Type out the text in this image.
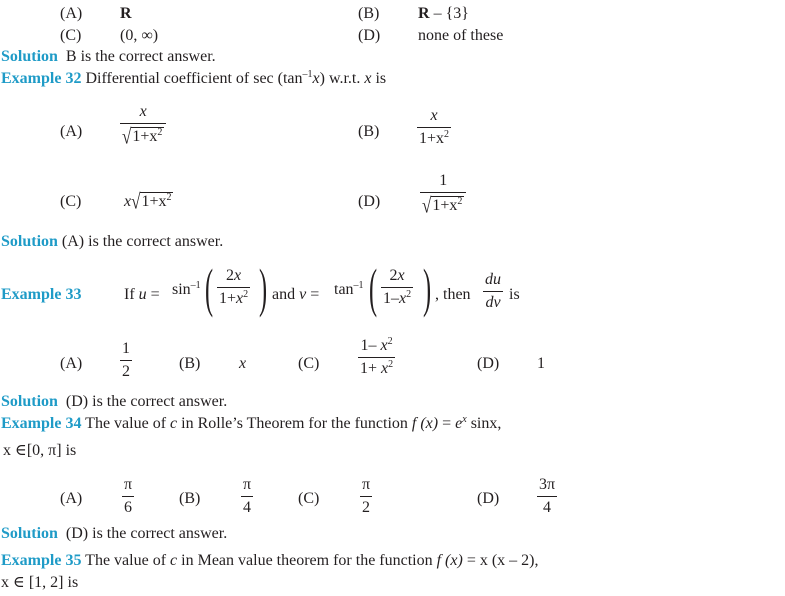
(A) R	(B) R – {3}
(C) (0, ∞)	(D) none of these
Solution B is the correct answer.
Example 32 Differential coefficient of $\sec (\tan^{-1}x)$ w.r.t. x is
$(A) \frac{x}{√1+x^2}$	$(B) \frac{x}{1+x^2}$
(C)	$x√1+x^2$	$(D) \frac{1}{√1+x^2}$
Solution (A) is the correct answer.
Example 33	If $u = \sin^{-1}$ ( $\frac{2x}{1+x^2}$ ) and $v = \tan^{-1}$ ( $\frac{2x}{1-x^2}$ ) , then $\frac{du}{dv}$ is
$(A) \frac{1}{2}$	(B) x	$(C) \frac{1- x^2}{1+ x^2}$	(D) 1
Solution (D) is the correct answer.
Example 34 The value of c in Rolle’s Theorem for the function f $(x) = e^x$ sinx,
x ∈[0, π] is
$(A) \frac{\pi}{6}$	(B)	$\frac{\pi}{4}$	(C)	$\frac{\pi}{2}$	$(D) \frac{3\pi}{4}$
Solution (D) is the correct answer.
Example 35 The value of c in Mean value theorem for the function f (x) = x (x – 2),
x ∈ [1, 2] is
